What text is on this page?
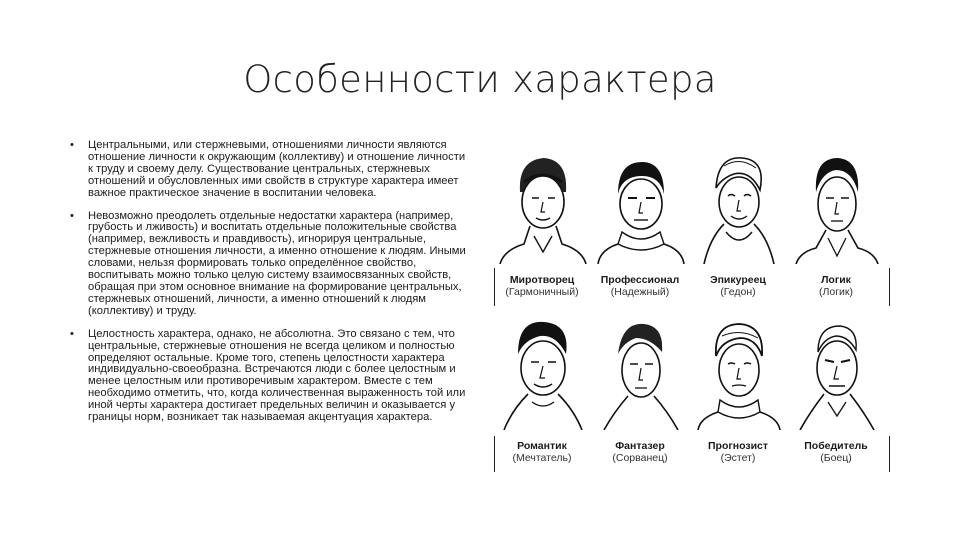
Особенности характера
• Центральными, или стержневыми, отношениями личности являются отношение личности к окружающим (коллективу) и отношение личности к труду и своему делу. Существование центральных, стержневых отношений и обусловленных ими свойств в структуре характера имеет важное практическое значение в воспитании человека.
• Невозможно преодолеть отдельные недостатки характера (например, грубость и лживость) и воспитать отдельные положительные свойства (например, вежливость и правдивость), игнорируя центральные, стержневые отношения личности, а именно отношение к людям. Иными словами, нельзя формировать только определённое свойство, воспитывать можно только целую систему взаимосвязанных свойств, обращая при этом основное внимание на формирование центральных, стержневых отношений, личности, а именно отношений к людям (коллективу) и труду.
• Целостность характера, однако, не абсолютна. Это связано с тем, что центральные, стержневые отношения не всегда целиком и полностью определяют остальные. Кроме того, степень целостности характера индивидуально-своеобразна. Встречаются люди с более целостным и менее целостным или противоречивым характером. Вместе с тем необходимо отметить, что, когда количественная выраженность той или иной черты характера достигает предельных величин и оказывается у границы норм, возникает так называемая акцентуация характера.
Миротворец
(Гармоничный)
Профессионал
(Надежный)
Эпикуреец
(Гедон)
Логик
(Логик)
Романтик
(Мечтатель)
Фантазер
(Сорванец)
Прогнозист
(Эстет)
Победитель
(Боец)
